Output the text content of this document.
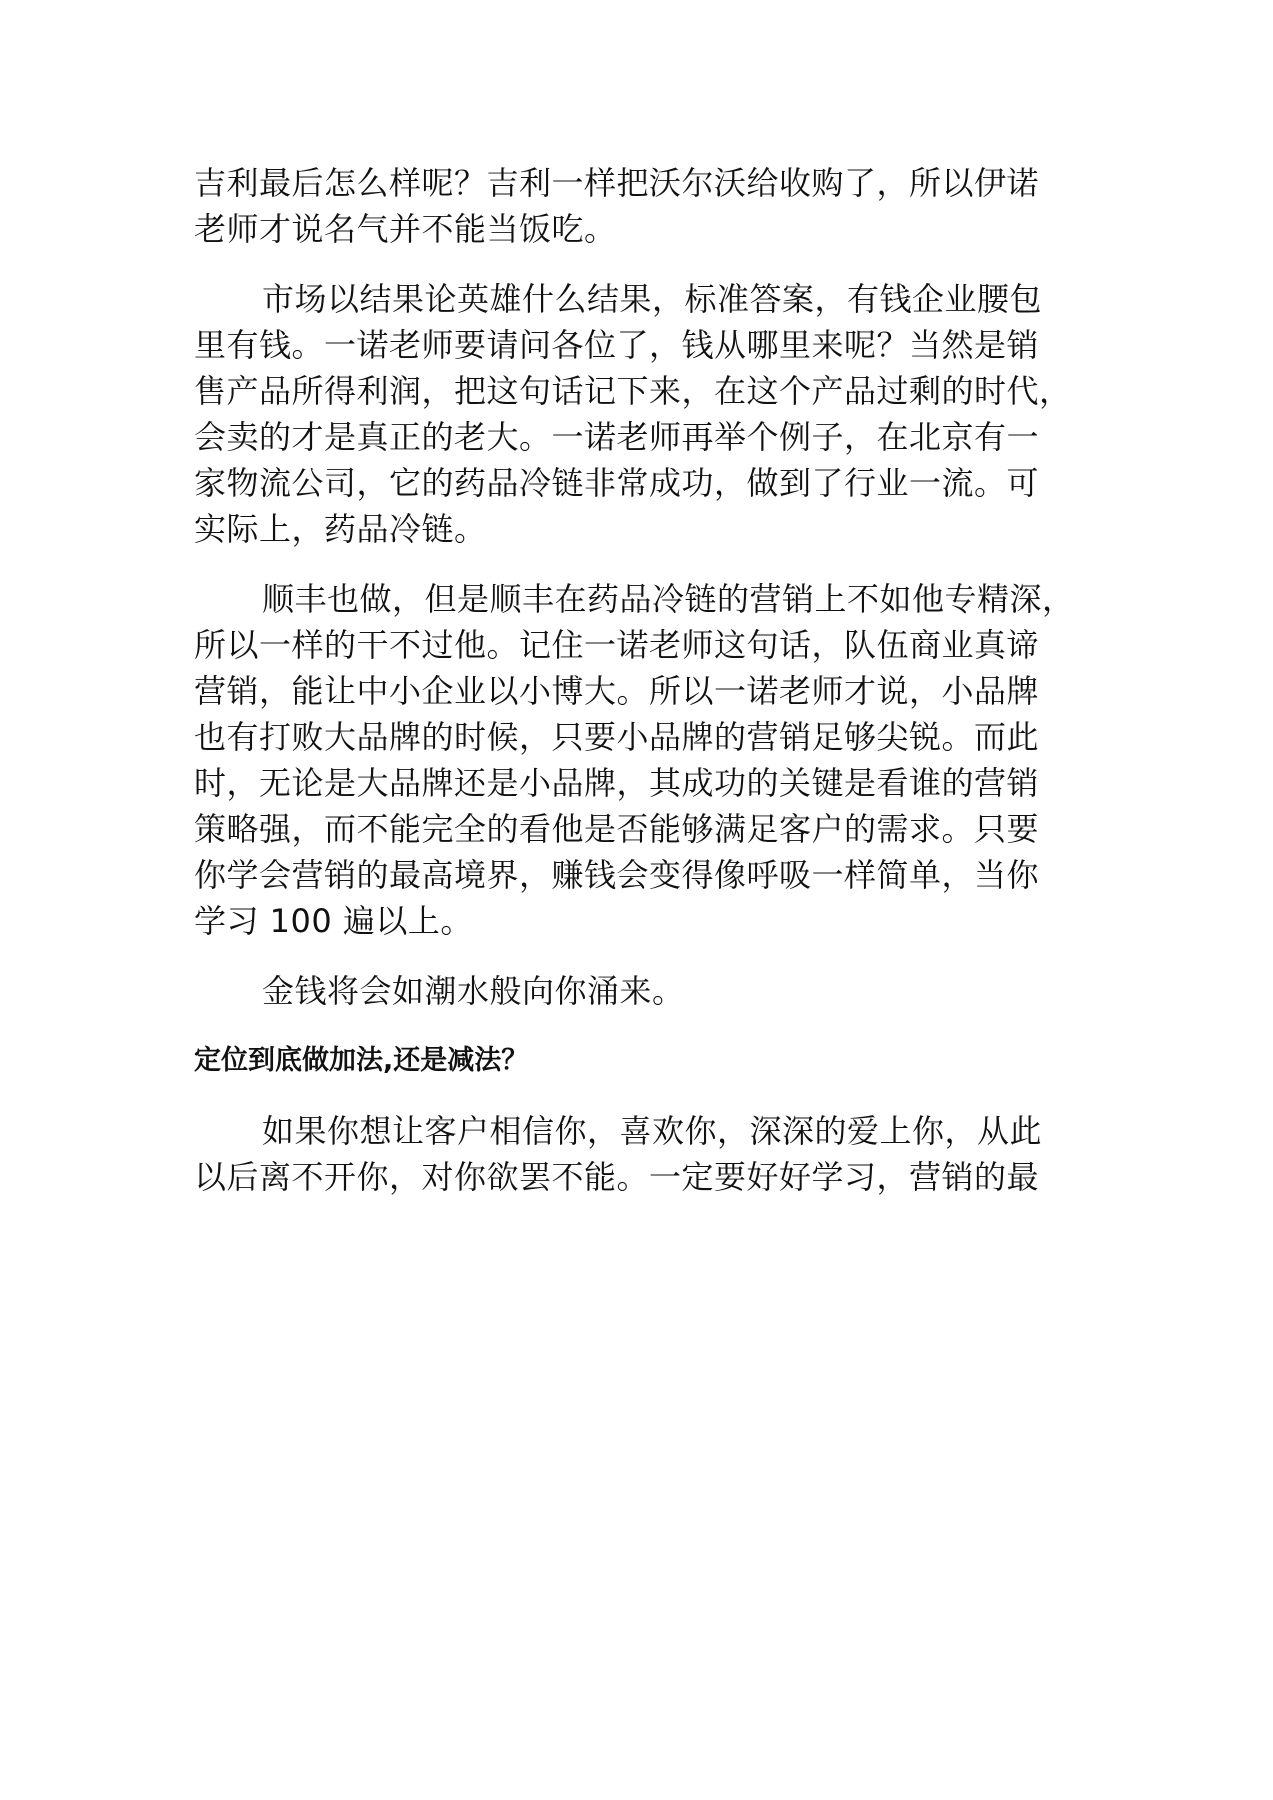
吉利最后怎么样呢？吉利一样把沃尔沃给收购了，所以伊诺
老师才说名气并不能当饭吃。
市场以结果论英雄什么结果，标准答案，有钱企业腰包
里有钱。一诺老师要请问各位了，钱从哪里来呢？当然是销
售产品所得利润，把这句话记下来，在这个产品过剩的时代，
会卖的才是真正的老大。一诺老师再举个例子，在北京有一
家物流公司，它的药品冷链非常成功，做到了行业一流。可
实际上，药品冷链。
顺丰也做，但是顺丰在药品冷链的营销上不如他专精深，
所以一样的干不过他。记住一诺老师这句话，队伍商业真谛
营销，能让中小企业以小博大。所以一诺老师才说，小品牌
也有打败大品牌的时候，只要小品牌的营销足够尖锐。而此
时，无论是大品牌还是小品牌，其成功的关键是看谁的营销
策略强，而不能完全的看他是否能够满足客户的需求。只要
你学会营销的最高境界，赚钱会变得像呼吸一样简单，当你
学习 100 遍以上。
金钱将会如潮水般向你涌来。
定位到底做加法,还是减法？
如果你想让客户相信你，喜欢你，深深的爱上你，从此
以后离不开你，对你欲罢不能。一定要好好学习，营销的最
